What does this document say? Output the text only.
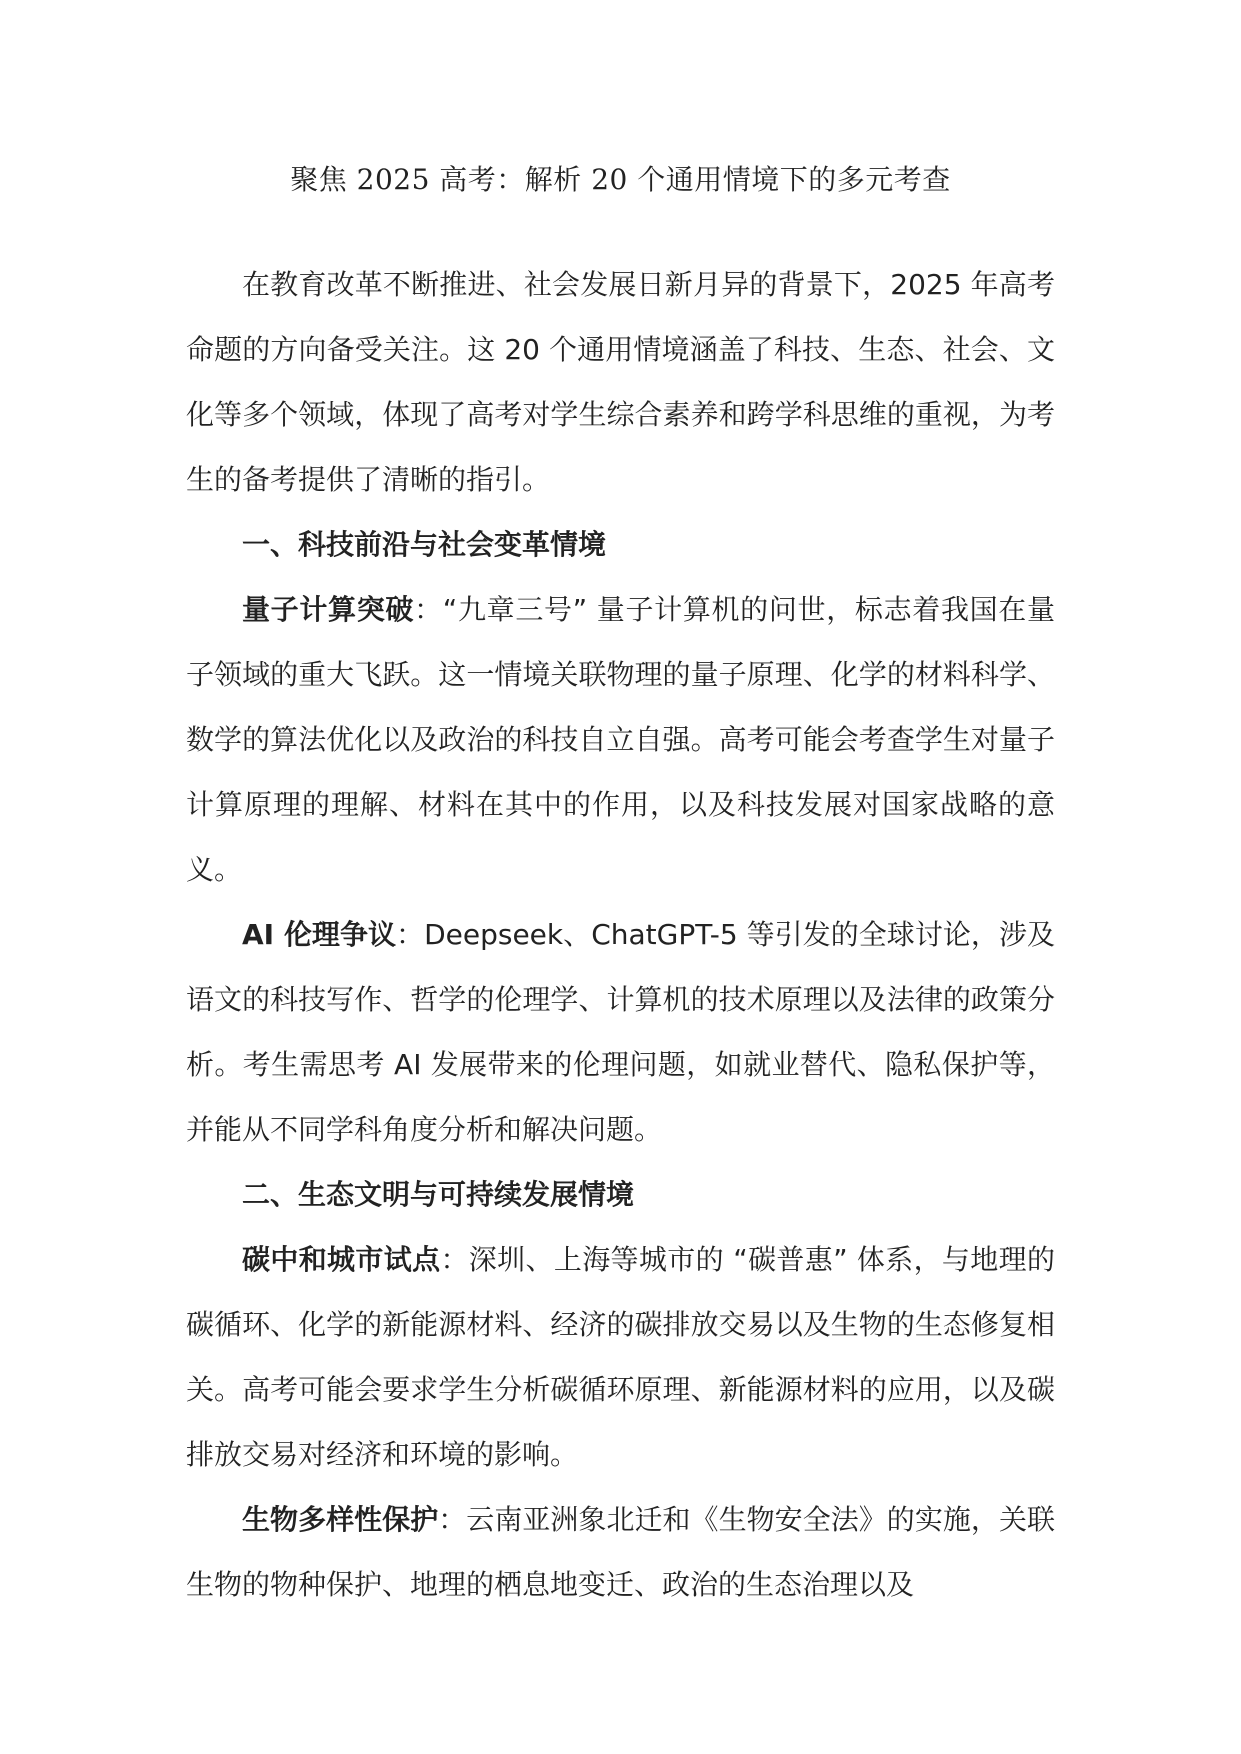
聚焦 2025 高考：解析 20 个通用情境下的多元考查

在教育改革不断推进、社会发展日新月异的背景下，2025 年高考命题的方向备受关注。这 20 个通用情境涵盖了科技、生态、社会、文化等多个领域，体现了高考对学生综合素养和跨学科思维的重视，为考生的备考提供了清晰的指引。

一、科技前沿与社会变革情境

量子计算突破：“九章三号” 量子计算机的问世，标志着我国在量子领域的重大飞跃。这一情境关联物理的量子原理、化学的材料科学、数学的算法优化以及政治的科技自立自强。高考可能会考查学生对量子计算原理的理解、材料在其中的作用，以及科技发展对国家战略的意义。

AI 伦理争议：Deepseek、ChatGPT-5 等引发的全球讨论，涉及语文的科技写作、哲学的伦理学、计算机的技术原理以及法律的政策分析。考生需思考 AI 发展带来的伦理问题，如就业替代、隐私保护等，并能从不同学科角度分析和解决问题。

二、生态文明与可持续发展情境

碳中和城市试点：深圳、上海等城市的 “碳普惠” 体系，与地理的碳循环、化学的新能源材料、经济的碳排放交易以及生物的生态修复相关。高考可能会要求学生分析碳循环原理、新能源材料的应用，以及碳排放交易对经济和环境的影响。

生物多样性保护：云南亚洲象北迁和《生物安全法》的实施，关联生物的物种保护、地理的栖息地变迁、政治的生态治理以及
